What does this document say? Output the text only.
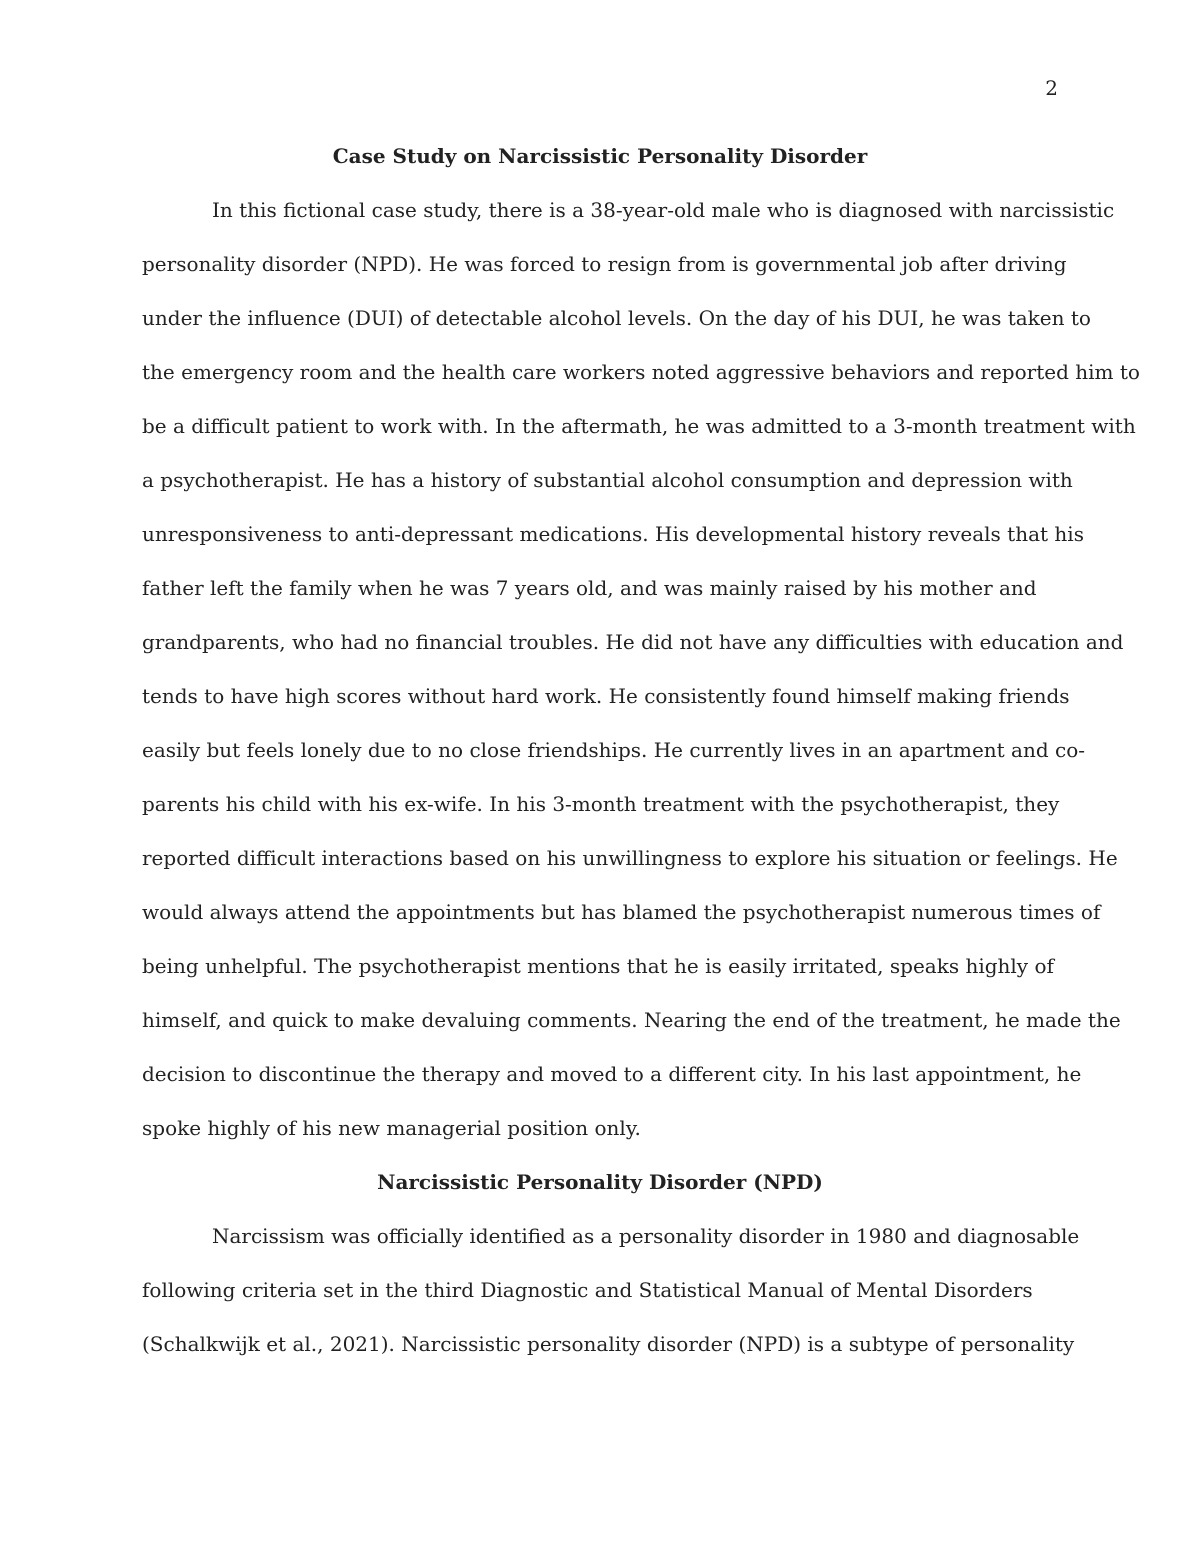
2
Case Study on Narcissistic Personality Disorder
In this fictional case study, there is a 38-year-old male who is diagnosed with narcissistic
personality disorder (NPD). He was forced to resign from is governmental job after driving
under the influence (DUI) of detectable alcohol levels. On the day of his DUI, he was taken to
the emergency room and the health care workers noted aggressive behaviors and reported him to
be a difficult patient to work with. In the aftermath, he was admitted to a 3-month treatment with
a psychotherapist. He has a history of substantial alcohol consumption and depression with
unresponsiveness to anti-depressant medications. His developmental history reveals that his
father left the family when he was 7 years old, and was mainly raised by his mother and
grandparents, who had no financial troubles. He did not have any difficulties with education and
tends to have high scores without hard work. He consistently found himself making friends
easily but feels lonely due to no close friendships. He currently lives in an apartment and co-
parents his child with his ex-wife. In his 3-month treatment with the psychotherapist, they
reported difficult interactions based on his unwillingness to explore his situation or feelings. He
would always attend the appointments but has blamed the psychotherapist numerous times of
being unhelpful. The psychotherapist mentions that he is easily irritated, speaks highly of
himself, and quick to make devaluing comments. Nearing the end of the treatment, he made the
decision to discontinue the therapy and moved to a different city. In his last appointment, he
spoke highly of his new managerial position only.
Narcissistic Personality Disorder (NPD)
Narcissism was officially identified as a personality disorder in 1980 and diagnosable
following criteria set in the third Diagnostic and Statistical Manual of Mental Disorders
(Schalkwijk et al., 2021). Narcissistic personality disorder (NPD) is a subtype of personality
